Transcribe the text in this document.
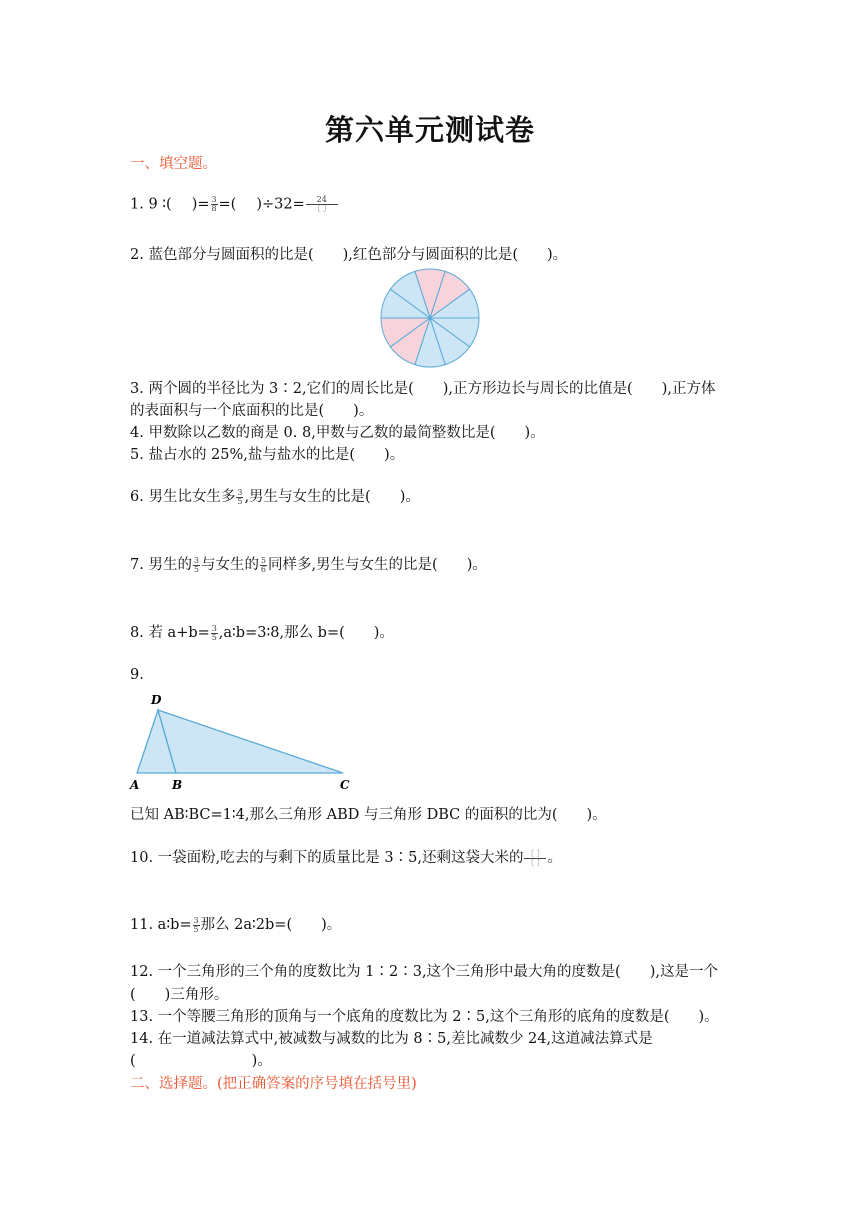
第六单元测试卷
一、填空题。
1. 9 ∶( )= $\frac{3}{8}$ =( )$\div 32= \frac{24}{〔 〕}$
2. 蓝色部分与圆面积的比是(　　),红色部分与圆面积的比是(　　)。
3. 两个圆的半径比为 3∶2,它们的周长比是(　　),正方形边长与周长的比值是(　　),正方体
的表面积与一个底面积的比是(　　)。
4. 甲数除以乙数的商是 0. 8,甲数与乙数的最简整数比是(　　)。
5. 盐占水的 25%,盐与盐水的比是(　　)。
6. 男生比女生多 $\frac{3}{5}$ ,男生与女生的比是(　　)。
7. 男生的 $\frac{3}{5}$ 与女生的 $\frac{5}{6}$ 同样多,男生与女生的比是(　　)。
8. 若 $a+b= \frac{3}{5}$ ,a∶b=3∶8,那么 b=(　　)。
9.
A	B	C
D
已知 AB∶BC=1∶4,那么三角形 ABD 与三角形 DBC 的面积的比为(　　)。
10. 一袋面粉,吃去的与剩下的质量比是 3∶5,还剩这袋大米的 $\frac{〔 〕}{〔 〕}$ 。
11. a∶b= $\frac{3}{5}$ 那么 2a∶2b=(　　)。
12. 一个三角形的三个角的度数比为 1∶2∶3,这个三角形中最大角的度数是(　　),这是一个
(　　)三角形。
13. 一个等腰三角形的顶角与一个底角的度数比为 2∶5,这个三角形的底角的度数是(　　)。
14. 在一道减法算式中,被减数与减数的比为 8∶5,差比减数少 24,这道减法算式是
(　　　　　　　　)。
二、选择题。(把正确答案的序号填在括号里)
